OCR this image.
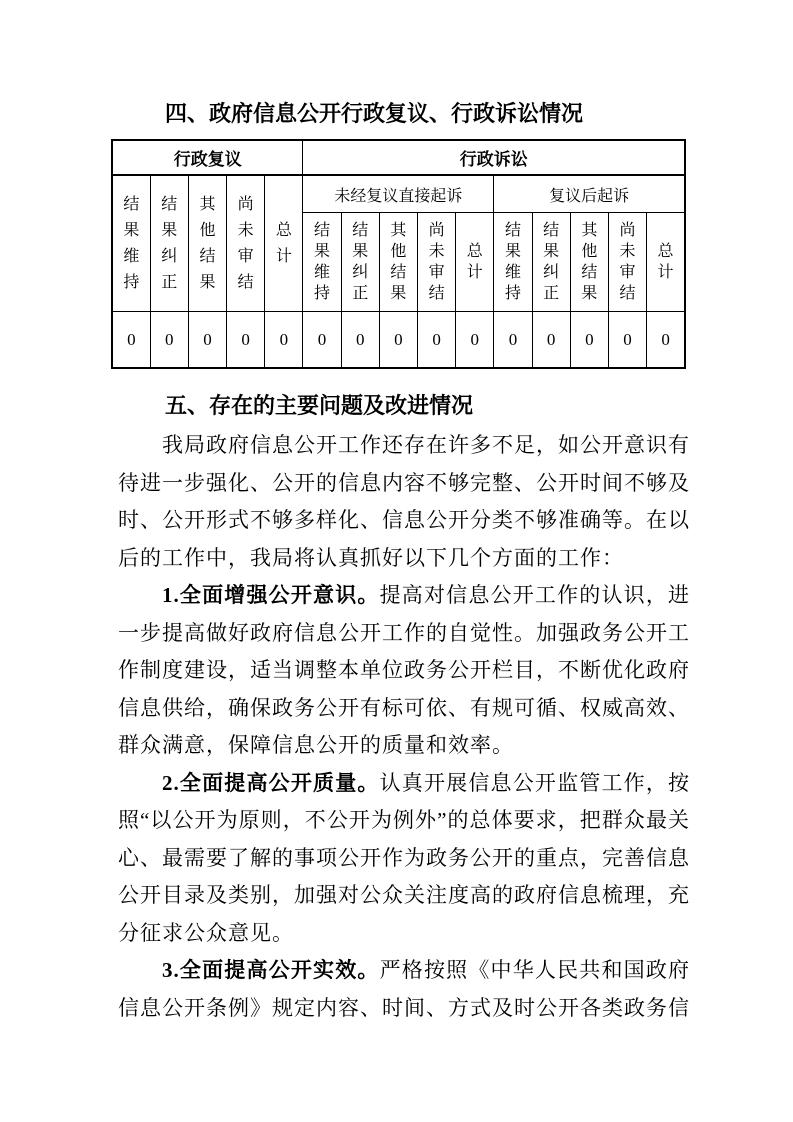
四、政府信息公开行政复议、行政诉讼情况
行政复议					行政诉讼									
结果维持	结果纠正	其他结果	尚未审结	总计	未经复议直接起诉					复议后起诉				
					结果维持	结果纠正	其他结果	尚未审结	总计	结果维持	结果纠正	其他结果	尚未审结	总计
0	0	0	0	0	0	0	0	0	0	0	0	0	0	0
五、存在的主要问题及改进情况

我局政府信息公开工作还存在许多不足，如公开意识有待进一步强化、公开的信息内容不够完整、公开时间不够及时、公开形式不够多样化、信息公开分类不够准确等。在以后的工作中，我局将认真抓好以下几个方面的工作：

1.全面增强公开意识。提高对信息公开工作的认识，进一步提高做好政府信息公开工作的自觉性。加强政务公开工作制度建设，适当调整本单位政务公开栏目，不断优化政府信息供给，确保政务公开有标可依、有规可循、权威高效、群众满意，保障信息公开的质量和效率。

2.全面提高公开质量。认真开展信息公开监管工作，按照“以公开为原则，不公开为例外”的总体要求，把群众最关心、最需要了解的事项公开作为政务公开的重点，完善信息公开目录及类别，加强对公众关注度高的政府信息梳理，充分征求公众意见。

3.全面提高公开实效。严格按照《中华人民共和国政府信息公开条例》规定内容、时间、方式及时公开各类政务信
